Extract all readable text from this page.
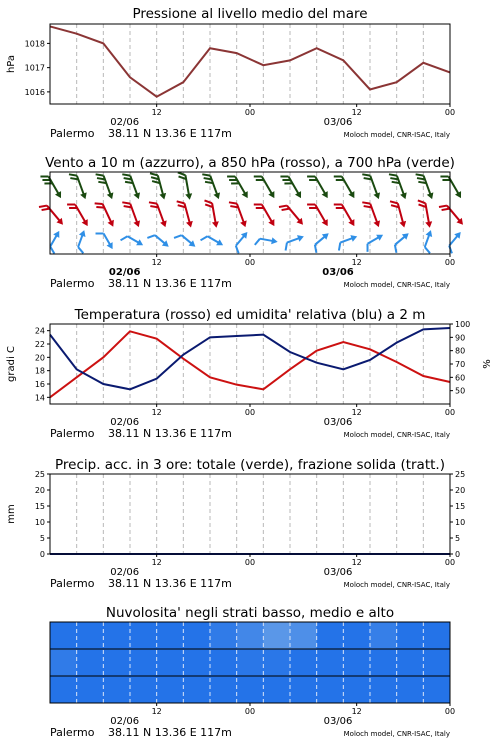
Pressione al livello medio del mare
Vento a 10 m (azzurro), a 850 hPa (rosso), a 700 hPa (verde)
Temperatura (rosso) ed umidita' relativa (blu) a 2 m
Precip. acc. in 3 ore: totale (verde), frazione solida (tratt.)
Nuvolosita' negli strati basso, medio e alto
1016
1017
1018
hPa
12	00	12	00
02/06	03/06
Palermo 38.11 N 13.36 E 117m	Moloch model, CNR-ISAC, Italy
12	00	12	00
02/06	03/06
Palermo 38.11 N 13.36 E 117m	Moloch model, CNR-ISAC, Italy
14
16
18
20
22
24
50
60
70
80
90
100
gradi C	%
12	00	12	00
02/06	03/06
Palermo 38.11 N 13.36 E 117m	Moloch model, CNR-ISAC, Italy
0	0
5	5
10	10
15	15
20	20
25	25
mm
12	00	12	00
02/06	03/06
Palermo 38.11 N 13.36 E 117m	Moloch model, CNR-ISAC, Italy
12	00	12	00
02/06	03/06
Palermo 38.11 N 13.36 E 117m	Moloch model, CNR-ISAC, Italy
